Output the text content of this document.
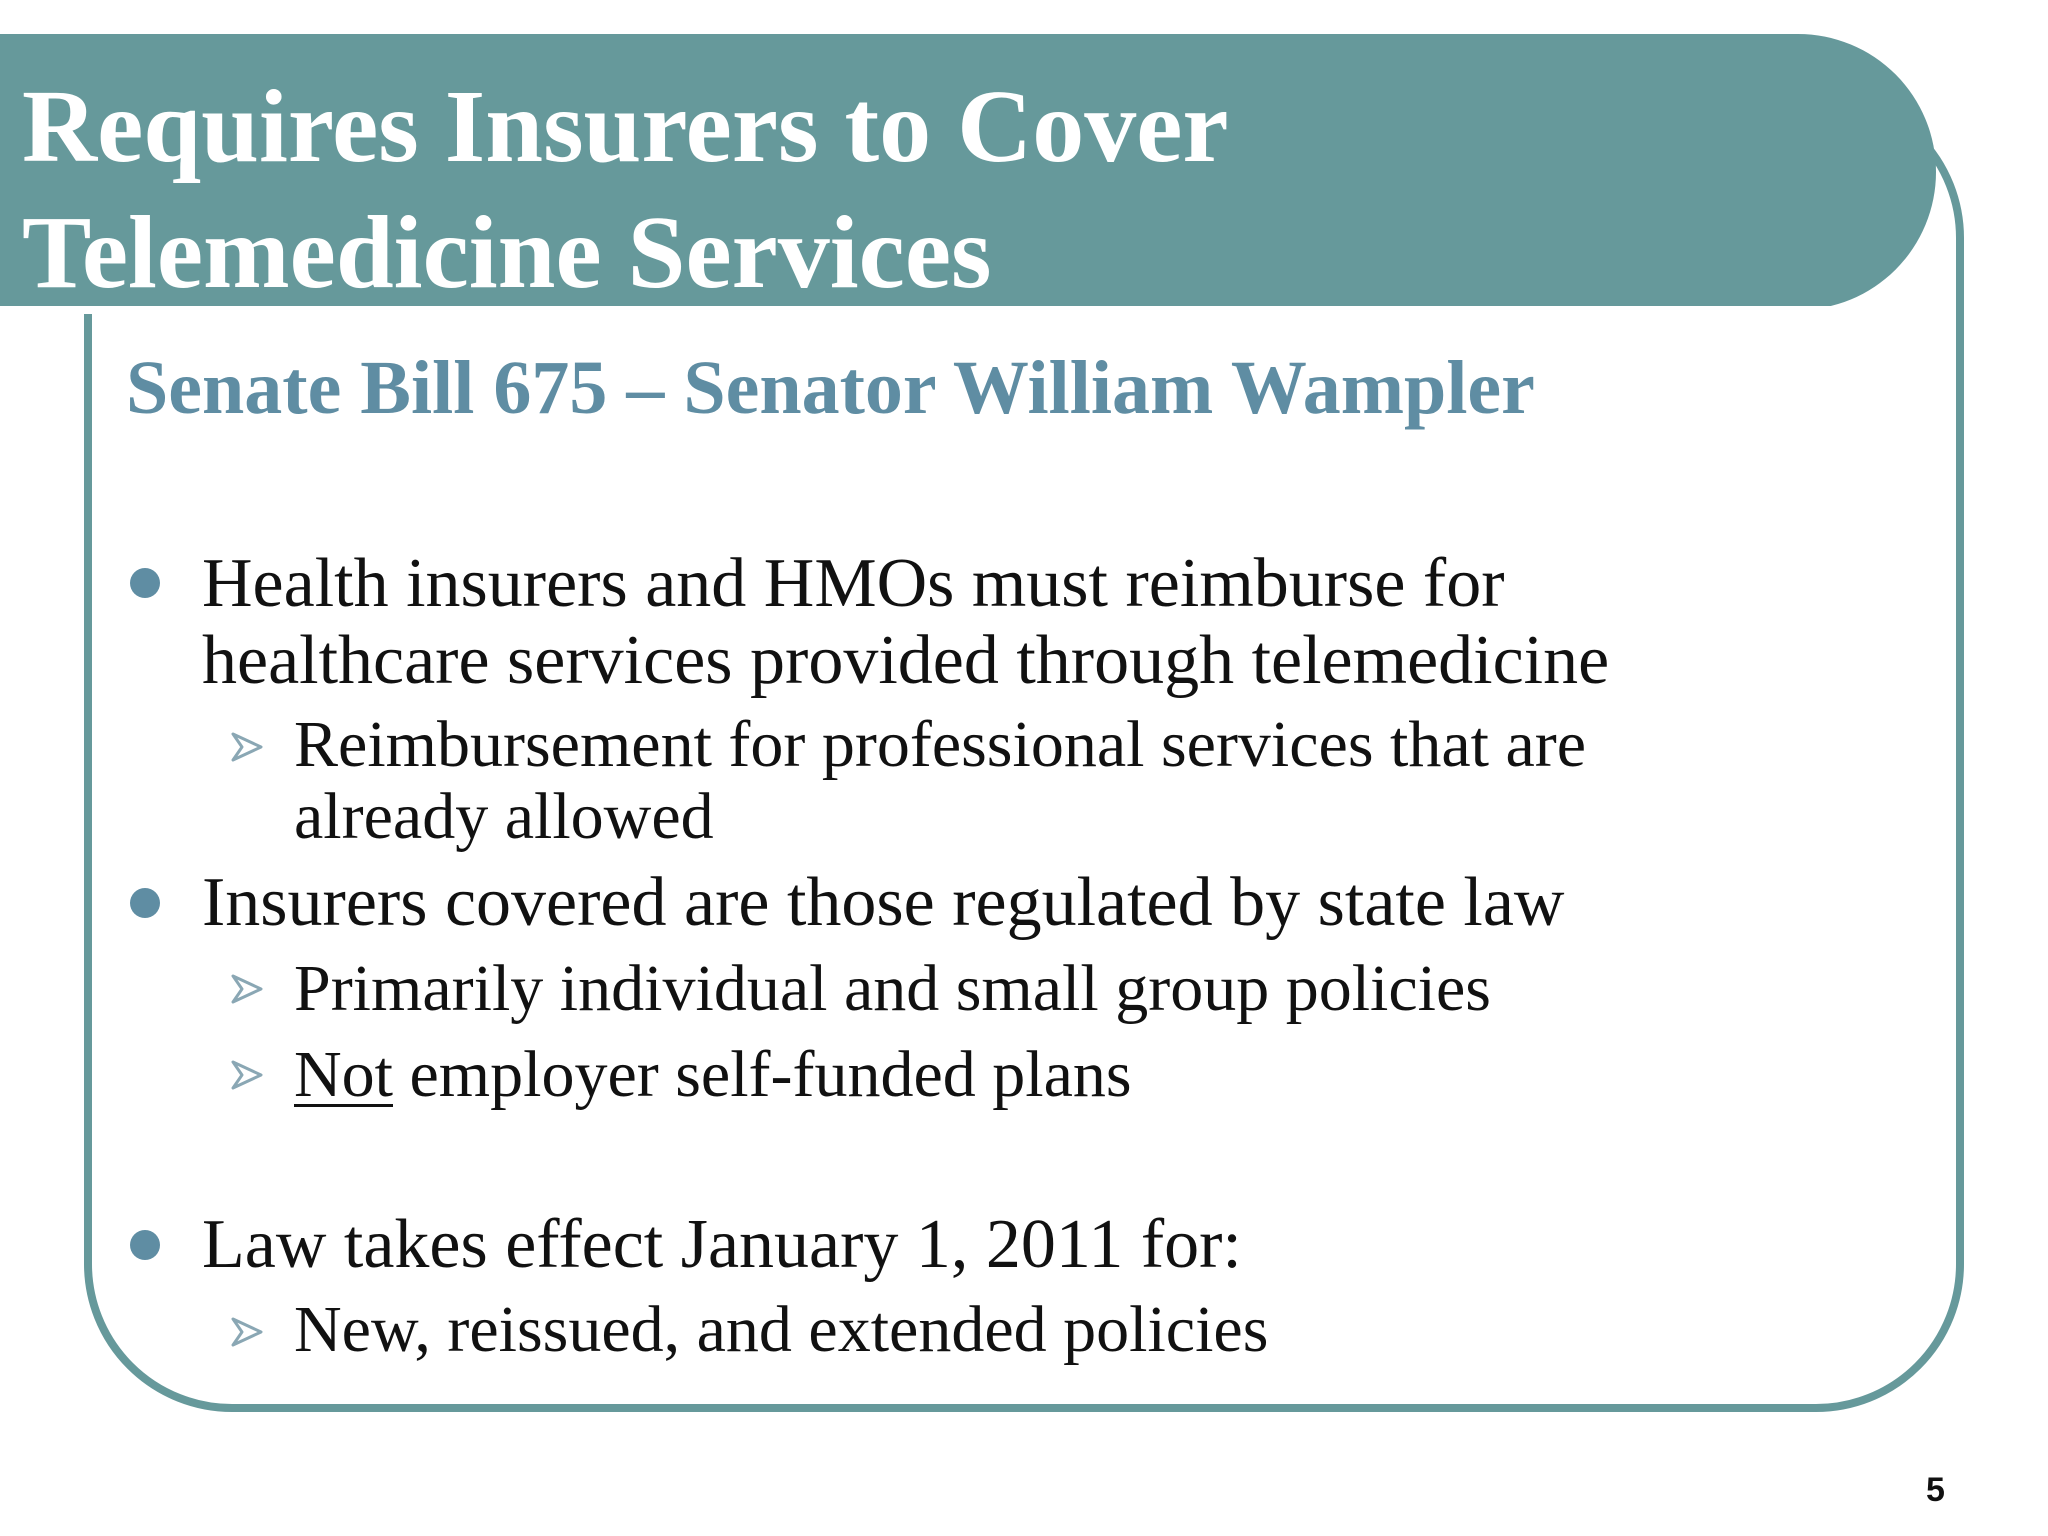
Requires Insurers to Cover
Telemedicine Services
Senate Bill 675 – Senator William Wampler
Health insurers and HMOs must reimburse for
healthcare services provided through telemedicine
Reimbursement for professional services that are
already allowed
Insurers covered are those regulated by state law
Primarily individual and small group policies
Not employer self-funded plans
Law takes effect January 1, 2011 for:
New, reissued, and extended policies
5
